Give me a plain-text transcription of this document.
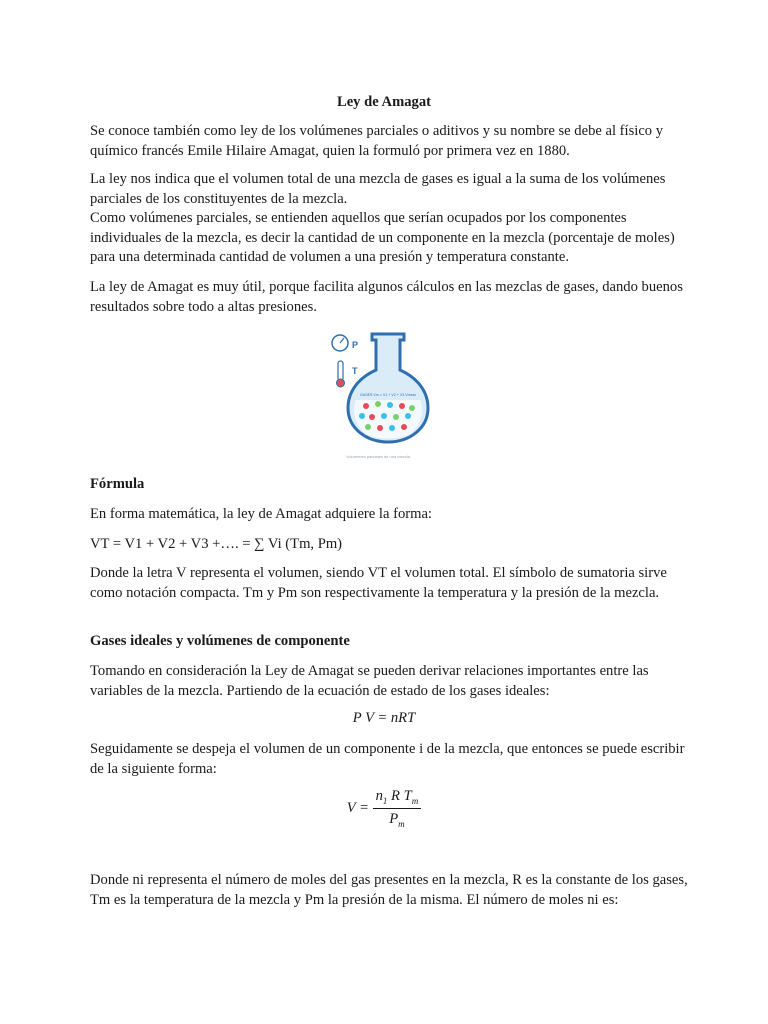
Ley de Amagat

Se conoce también como ley de los volúmenes parciales o aditivos y su nombre se debe al físico y químico francés Emile Hilaire Amagat, quien la formuló por primera vez en 1880.

La ley nos indica que el volumen total de una mezcla de gases es igual a la suma de los volúmenes parciales de los constituyentes de la mezcla.

Como volúmenes parciales, se entienden aquellos que serían ocupados por los componentes individuales de la mezcla, es decir la cantidad de un componente en la mezcla (porcentaje de moles) para una determinada cantidad de volumen a una presión y temperatura constante.

La ley de Amagat es muy útil, porque facilita algunos cálculos en las mezclas de gases, dando buenos resultados sobre todo a altas presiones.

P
T
GASES Vm = V1 + V2 + V3 Vmezc
Volúmenes parciales de una mezcla
Fórmula
En forma matemática, la ley de Amagat adquiere la forma:
VT = V1 + V2 + V3 +…. = ∑ Vi (Tm, Pm)
Donde la letra V representa el volumen, siendo VT el volumen total. El símbolo de sumatoria sirve como notación compacta. Tm y Pm son respectivamente la temperatura y la presión de la mezcla.
Gases ideales y volúmenes de componente
Tomando en consideración la Ley de Amagat se pueden derivar relaciones importantes entre las variables de la mezcla. Partiendo de la ecuación de estado de los gases ideales:
P V = nRT
Seguidamente se despeja el volumen de un componente i de la mezcla, que entonces se puede escribir de la siguiente forma:
$V = \frac{n_1 R T_m}{P_m}$
Donde ni representa el número de moles del gas presentes en la mezcla, R es la constante de los gases, Tm es la temperatura de la mezcla y Pm la presión de la misma. El número de moles ni es:
